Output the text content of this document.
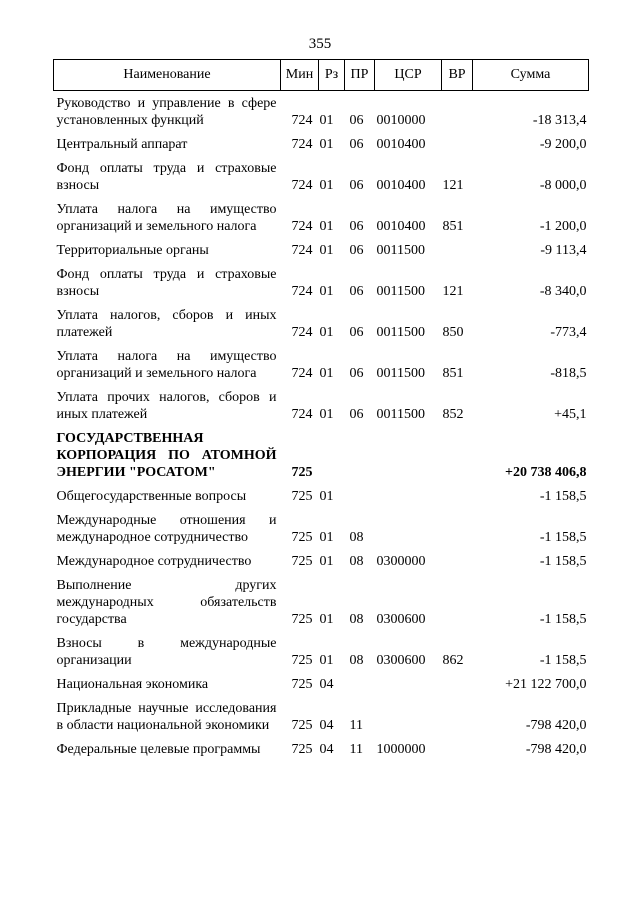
355
Наименование	Мин	Рз	ПР	ЦСР	ВР	Сумма
Руководство и управление в сфере установленных функций	724	01	06	0010000		-18 313,4
Центральный аппарат	724	01	06	0010400		-9 200,0
Фонд оплаты труда и страховые взносы	724	01	06	0010400	121	-8 000,0
Уплата налога на имущество организаций и земельного налога	724	01	06	0010400	851	-1 200,0
Территориальные органы	724	01	06	0011500		-9 113,4
Фонд оплаты труда и страховые взносы	724	01	06	0011500	121	-8 340,0
Уплата налогов, сборов и иных платежей	724	01	06	0011500	850	-773,4
Уплата налога на имущество организаций и земельного налога	724	01	06	0011500	851	-818,5
Уплата прочих налогов, сборов и иных платежей	724	01	06	0011500	852	+45,1
ГОСУДАРСТВЕННАЯ КОРПОРАЦИЯ ПО АТОМНОЙ ЭНЕРГИИ "РОСАТОМ"	725					+20 738 406,8
Общегосударственные вопросы	725	01				-1 158,5
Международные отношения и международное сотрудничество	725	01	08			-1 158,5
Международное сотрудничество	725	01	08	0300000		-1 158,5
Выполнение других международных обязательств государства	725	01	08	0300600		-1 158,5
Взносы в международные организации	725	01	08	0300600	862	-1 158,5
Национальная экономика	725	04				+21 122 700,0
Прикладные научные исследования в области национальной экономики	725	04	11			-798 420,0
Федеральные целевые программы	725	04	11	1000000		-798 420,0
